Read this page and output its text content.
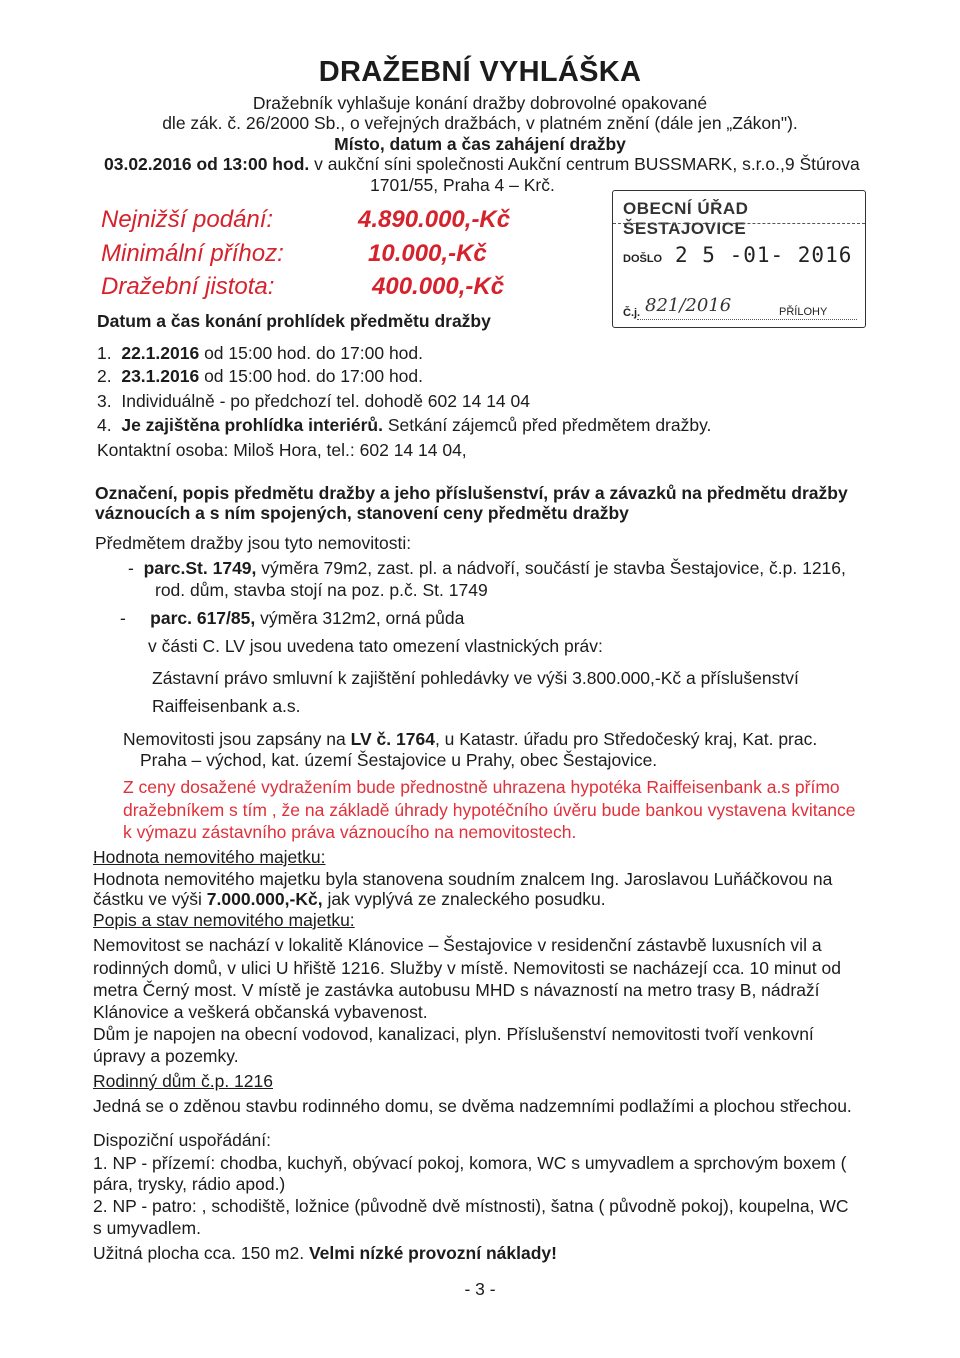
DRAŽEBNÍ VYHLÁŠKA
Dražebník vyhlašuje konání dražby dobrovolné opakované
dle zák. č. 26/2000 Sb., o veřejných dražbách, v platném znění (dále jen „Zákon").
Místo, datum a čas zahájení dražby
03.02.2016 od 13:00 hod. v aukční síni společnosti Aukční centrum BUSSMARK, s.r.o.,9 Štúrova
1701/55, Praha 4 – Krč.
Nejnižší podání:	4.890.000,-Kč
Minimální příhoz:	10.000,-Kč
Dražební jistota:	400.000,-Kč
OBECNÍ ÚŘAD ŠESTAJOVICE
DOŠLO 2 5 -01- 2016
Č.j. 821/2016	PŘÍLOHY
Datum a čas konání prohlídek předmětu dražby
1. 22.1.2016 od 15:00 hod. do 17:00 hod.
2. 23.1.2016 od 15:00 hod. do 17:00 hod.
3. Individuálně - po předchozí tel. dohodě 602 14 14 04
4. Je zajištěna prohlídka interiérů. Setkání zájemců před předmětem dražby.
Kontaktní osoba: Miloš Hora, tel.: 602 14 14 04,
Označení, popis předmětu dražby a jeho příslušenství, práv a závazků na předmětu dražby
váznoucích a s ním spojených, stanovení ceny předmětu dražby
Předmětem dražby jsou tyto nemovitosti:
-  parc.St. 1749, výměra 79m2, zast. pl. a nádvoří, součástí je stavba Šestajovice, č.p. 1216,
rod. dům, stavba stojí na poz. p.č. St. 1749
-     parc. 617/85, výměra 312m2, orná půda
v části C. LV jsou uvedena tato omezení vlastnických práv:
Zástavní právo smluvní k zajištění pohledávky ve výši 3.800.000,-Kč a příslušenství
Raiffeisenbank a.s.
Nemovitosti jsou zapsány na LV č. 1764, u Katastr. úřadu pro Středočeský kraj, Kat. prac.
Praha – východ, kat. území Šestajovice u Prahy, obec Šestajovice.
Z ceny dosažené vydražením bude přednostně uhrazena hypotéka Raiffeisenbank a.s přímo
dražebníkem s tím , že na základě úhrady hypotéčního úvěru bude bankou vystavena kvitance
k výmazu zástavního práva váznoucího na nemovitostech.
Hodnota nemovitého majetku:
Hodnota nemovitého majetku byla stanovena soudním znalcem Ing. Jaroslavou Luňáčkovou na
částku ve výši 7.000.000,-Kč, jak vyplývá ze znaleckého posudku.
Popis a stav nemovitého majetku:
Nemovitost se nachází v lokalitě Klánovice – Šestajovice v residenční zástavbě luxusních vil a
rodinných domů, v ulici U hřiště 1216. Služby v místě. Nemovitosti se nacházejí cca. 10 minut od
metra Černý most. V místě je zastávka autobusu MHD s návazností na metro trasy B, nádraží
Klánovice a veškerá občanská vybavenost.
Dům je napojen na obecní vodovod, kanalizaci, plyn. Příslušenství nemovitosti tvoří venkovní
úpravy a pozemky.
Rodinný dům č.p. 1216
Jedná se o zděnou stavbu rodinného domu, se dvěma nadzemními podlažími a plochou střechou.
Dispoziční uspořádání:
1. NP - přízemí: chodba, kuchyň, obývací pokoj, komora, WC s umyvadlem a sprchovým boxem (
pára, trysky, rádio apod.)
2. NP - patro: , schodiště, ložnice (původně dvě místnosti), šatna ( původně pokoj), koupelna, WC
s umyvadlem.
Užitná plocha cca. 150 m2. Velmi nízké provozní náklady!
- 3 -
